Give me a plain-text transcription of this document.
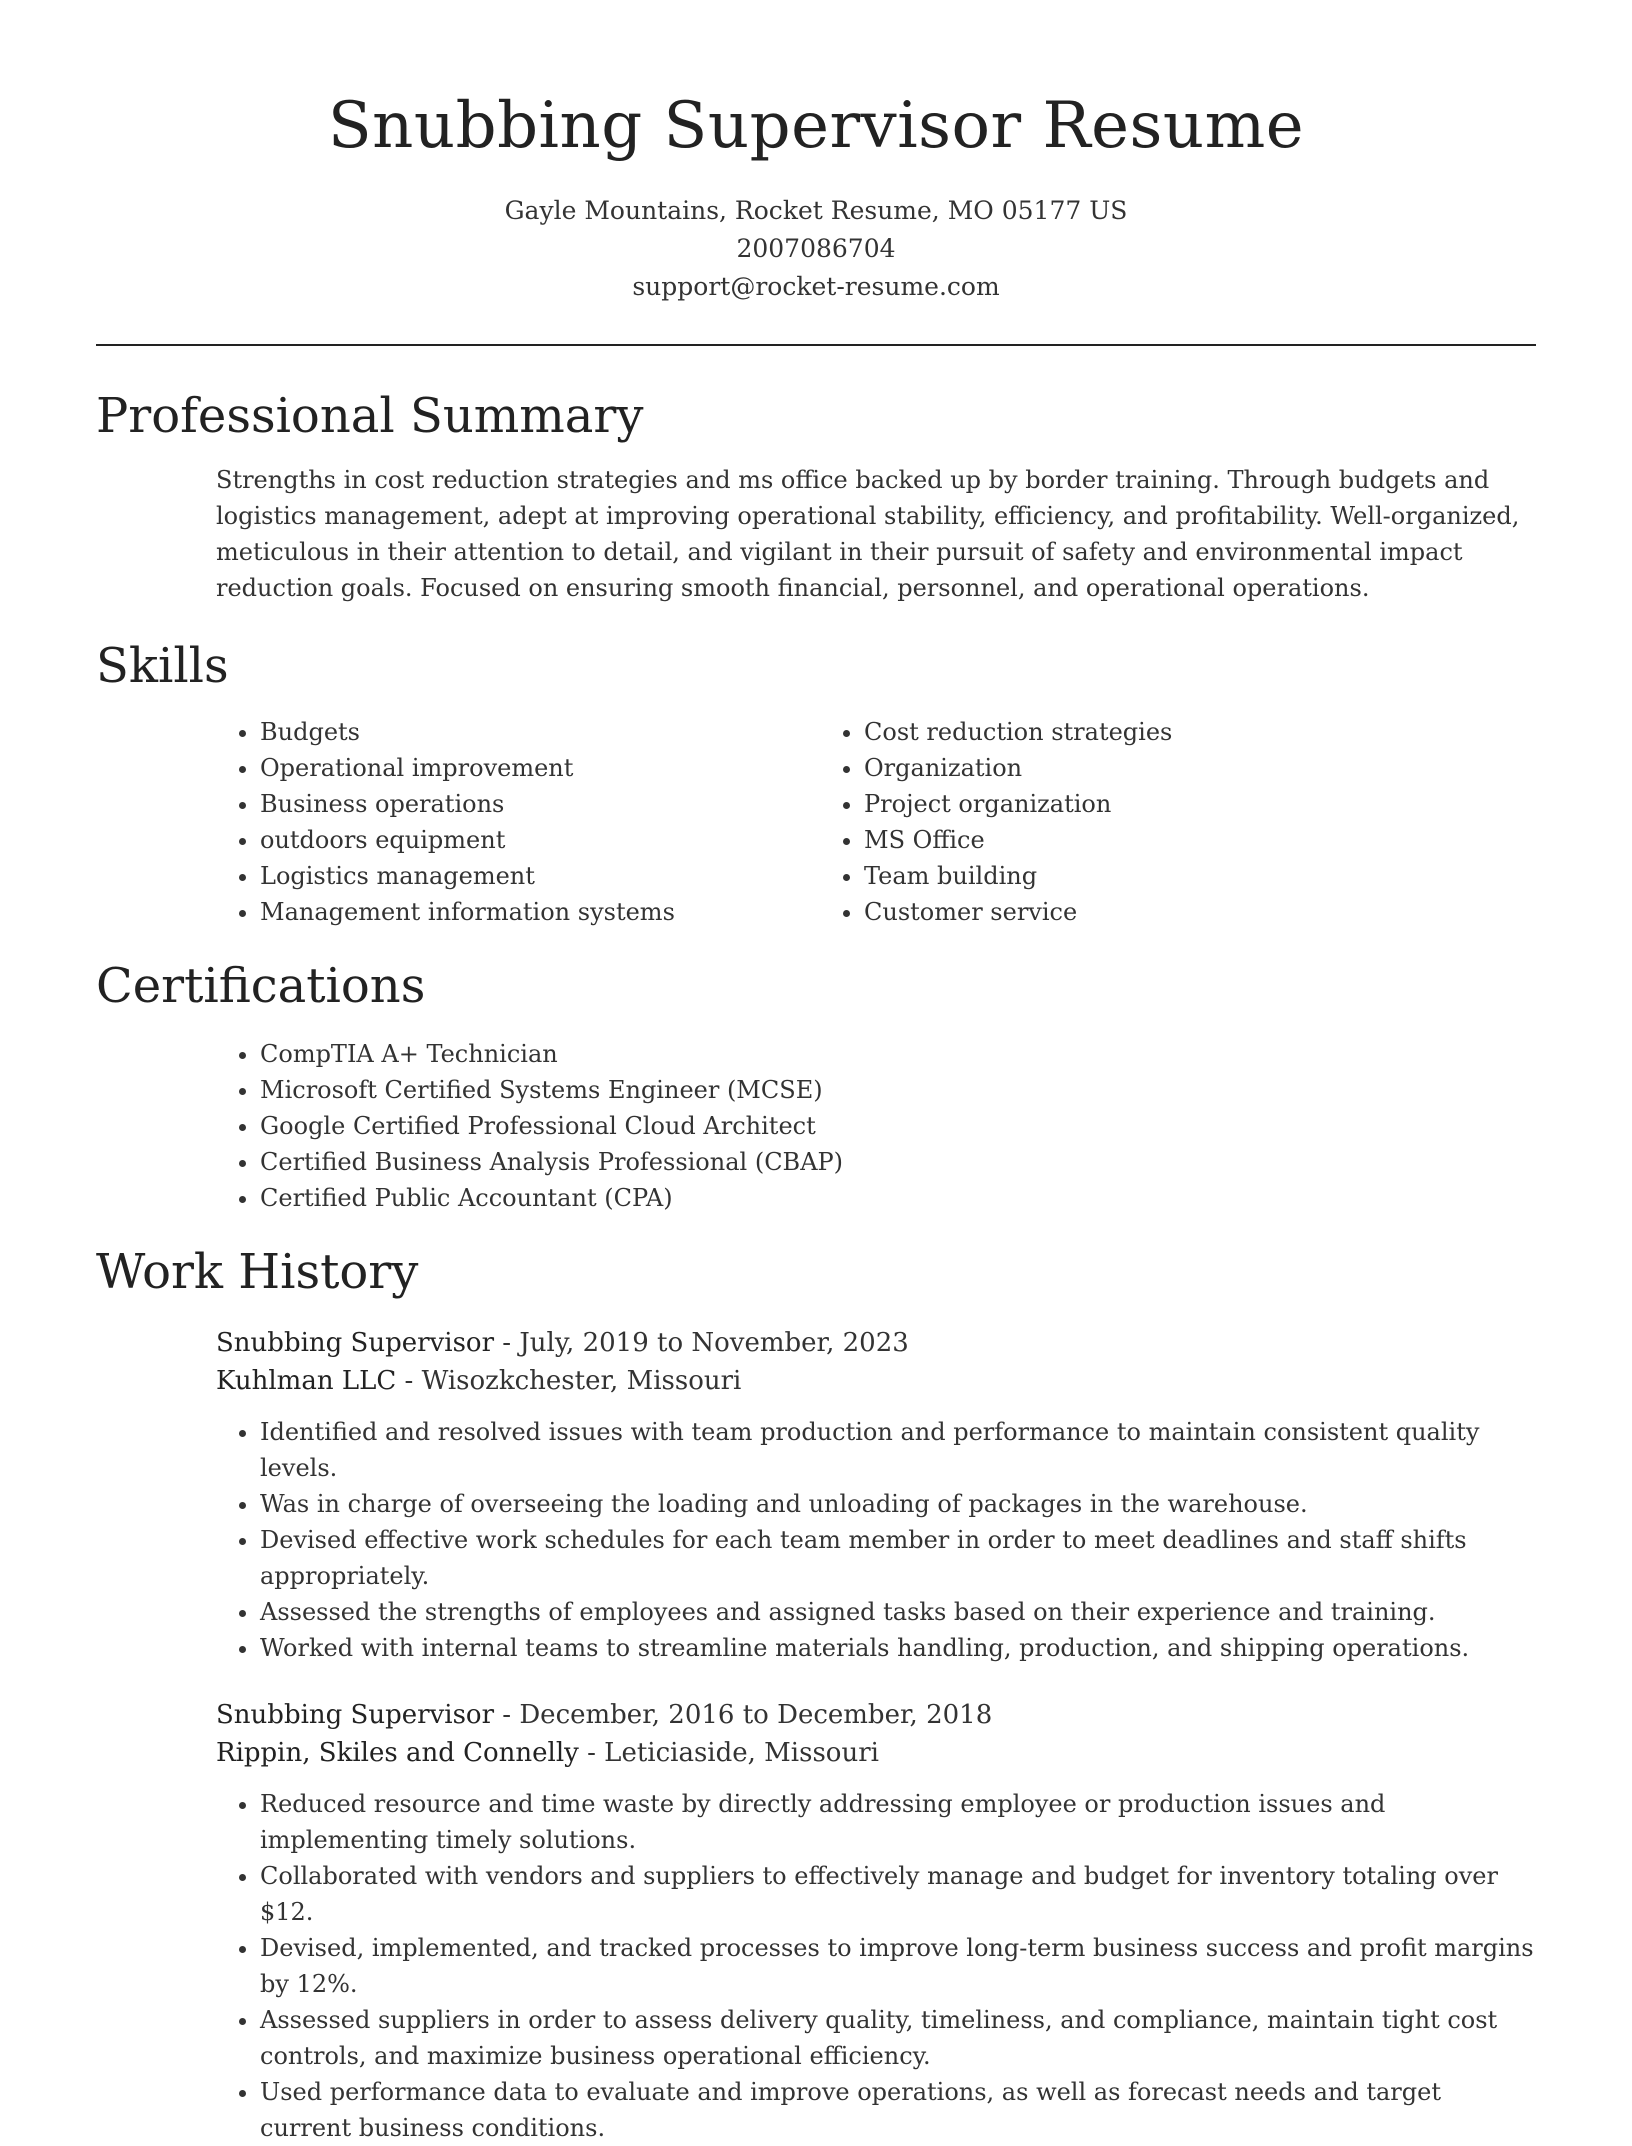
Snubbing Supervisor Resume
Gayle Mountains, Rocket Resume, MO 05177 US
2007086704
support@rocket-resume.com
Professional Summary

Strengths in cost reduction strategies and ms office backed up by border training. Through budgets and logistics management, adept at improving operational stability, efficiency, and profitability. Well-organized, meticulous in their attention to detail, and vigilant in their pursuit of safety and environmental impact reduction goals. Focused on ensuring smooth financial, personnel, and operational operations.

Skills
• Budgets
• Operational improvement
• Business operations
• outdoors equipment
• Logistics management
• Management information systems
• Cost reduction strategies
• Organization
• Project organization
• MS Office
• Team building
• Customer service
Certifications
• CompTIA A+ Technician
• Microsoft Certified Systems Engineer (MCSE)
• Google Certified Professional Cloud Architect
• Certified Business Analysis Professional (CBAP)
• Certified Public Accountant (CPA)
Work History
Snubbing Supervisor - July, 2019 to November, 2023
Kuhlman LLC - Wisozkchester, Missouri
• Identified and resolved issues with team production and performance to maintain consistent quality levels.
• Was in charge of overseeing the loading and unloading of packages in the warehouse.
• Devised effective work schedules for each team member in order to meet deadlines and staff shifts appropriately.
• Assessed the strengths of employees and assigned tasks based on their experience and training.
• Worked with internal teams to streamline materials handling, production, and shipping operations.
Snubbing Supervisor - December, 2016 to December, 2018
Rippin, Skiles and Connelly - Leticiaside, Missouri
• Reduced resource and time waste by directly addressing employee or production issues and implementing timely solutions.
• Collaborated with vendors and suppliers to effectively manage and budget for inventory totaling over $12.
• Devised, implemented, and tracked processes to improve long-term business success and profit margins by 12%.
• Assessed suppliers in order to assess delivery quality, timeliness, and compliance, maintain tight cost controls, and maximize business operational efficiency.
• Used performance data to evaluate and improve operations, as well as forecast needs and target current business conditions.
